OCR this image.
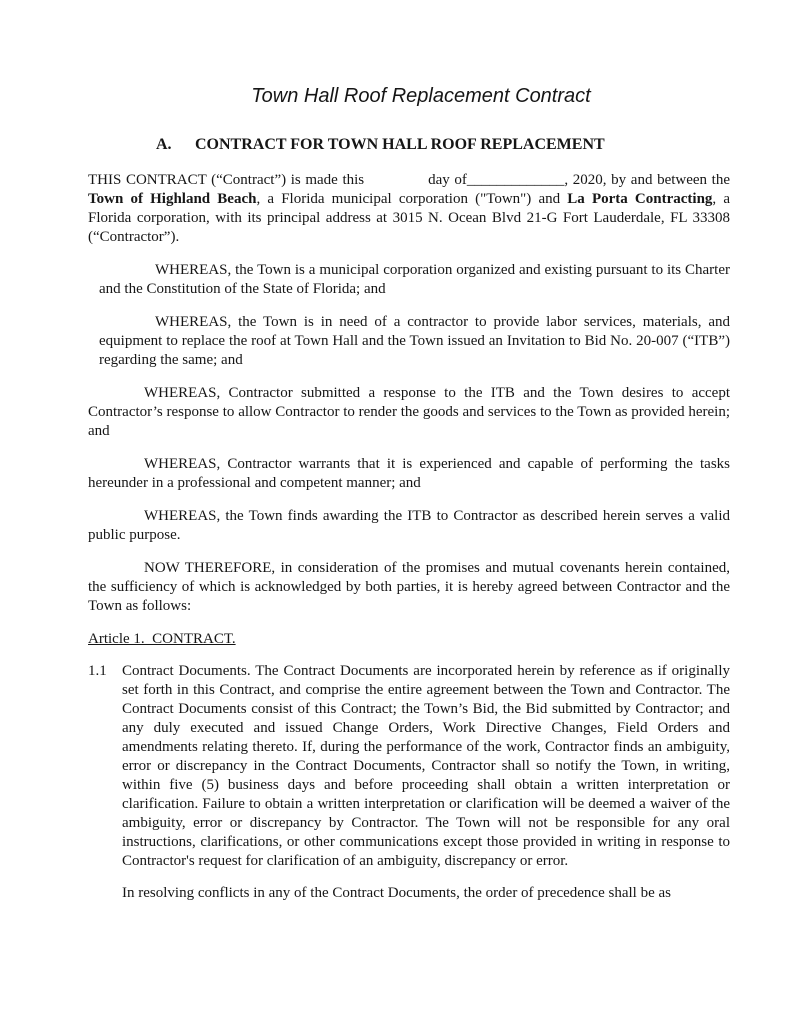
Town Hall Roof Replacement Contract
A.	CONTRACT FOR TOWN HALL ROOF REPLACEMENT

THIS CONTRACT (“Contract”) is made this	day of_____________, 2020, by and between the Town of Highland Beach, a Florida municipal corporation ("Town") and La Porta Contracting, a Florida corporation, with its principal address at 3015 N. Ocean Blvd 21-G Fort Lauderdale, FL 33308 (“Contractor”).

WHEREAS, the Town is a municipal corporation organized and existing pursuant to its Charter and the Constitution of the State of Florida; and

WHEREAS, the Town is in need of a contractor to provide labor services, materials, and equipment to replace the roof at Town Hall and the Town issued an Invitation to Bid No. 20-007 (“ITB”) regarding the same; and

WHEREAS, Contractor submitted a response to the ITB and the Town desires to accept Contractor’s response to allow Contractor to render the goods and services to the Town as provided herein; and

WHEREAS, Contractor warrants that it is experienced and capable of performing the tasks hereunder in a professional and competent manner; and

WHEREAS, the Town finds awarding the ITB to Contractor as described herein serves a valid public purpose.

NOW THEREFORE, in consideration of the promises and mutual covenants herein contained, the sufficiency of which is acknowledged by both parties, it is hereby agreed between Contractor and the Town as follows:

Article 1.  CONTRACT.

1.1	Contract Documents. The Contract Documents are incorporated herein by reference as if originally set forth in this Contract, and comprise the entire agreement between the Town and Contractor. The Contract Documents consist of this Contract; the Town’s Bid, the Bid submitted by Contractor; and any duly executed and issued Change Orders, Work Directive Changes, Field Orders and amendments relating thereto. If, during the performance of the work, Contractor finds an ambiguity, error or discrepancy in the Contract Documents, Contractor shall so notify the Town, in writing, within five (5) business days and before proceeding shall obtain a written interpretation or clarification. Failure to obtain a written interpretation or clarification will be deemed a waiver of the ambiguity, error or discrepancy by Contractor. The Town will not be responsible for any oral instructions, clarifications, or other communications except those provided in writing in response to Contractor's request for clarification of an ambiguity, discrepancy or error.

In resolving conflicts in any of the Contract Documents, the order of precedence shall be as
